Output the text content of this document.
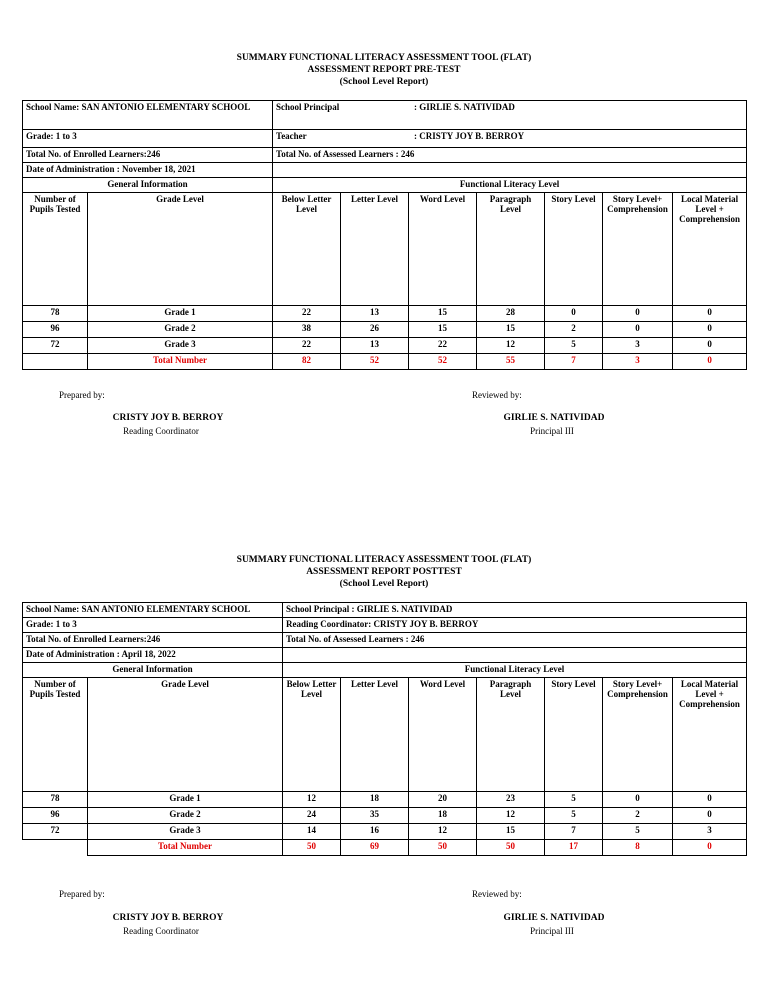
SUMMARY FUNCTIONAL LITERACY ASSESSMENT TOOL (FLAT)
ASSESSMENT REPORT PRE-TEST
(School Level Report)
School Name: SAN ANTONIO ELEMENTARY SCHOOL		School Principal : GIRLIE S. NATIVIDAD						
Grade: 1 to 3		Teacher : CRISTY JOY B. BERROY						
Total No. of Enrolled Learners:246		Total No. of Assessed Learners : 246						
Date of Administration : November 18, 2021								
General Information		Functional Literacy Level						
Number of Pupils Tested	Grade Level	Below Letter Level	Letter Level	Word Level	Paragraph Level	Story Level	Story Level+ Comprehension	Local Material Level + Comprehension
78	Grade 1	22	13	15	28	0	0	0
96	Grade 2	38	26	15	15	2	0	0
72	Grade 3	22	13	22	12	5	3	0
	Total Number	82	52	52	55	7	3	0
Prepared by:	Reviewed by:
CRISTY JOY B. BERROY
Reading Coordinator
GIRLIE S. NATIVIDAD
Principal III
SUMMARY FUNCTIONAL LITERACY ASSESSMENT TOOL (FLAT)
ASSESSMENT REPORT POSTTEST
(School Level Report)
School Name: SAN ANTONIO ELEMENTARY SCHOOL		School Principal : GIRLIE S. NATIVIDAD						
Grade: 1 to 3		Reading Coordinator: CRISTY JOY B. BERROY						
Total No. of Enrolled Learners:246		Total No. of Assessed Learners : 246						
Date of Administration : April 18, 2022								
General Information		Functional Literacy Level						
Number of Pupils Tested	Grade Level	Below Letter Level	Letter Level	Word Level	Paragraph Level	Story Level	Story Level+ Comprehension	Local Material Level + Comprehension
78	Grade 1	12	18	20	23	5	0	0
96	Grade 2	24	35	18	12	5	2	0
72	Grade 3	14	16	12	15	7	5	3
	Total Number	50	69	50	50	17	8	0
Prepared by:	Reviewed by:
CRISTY JOY B. BERROY
Reading Coordinator
GIRLIE S. NATIVIDAD
Principal III
